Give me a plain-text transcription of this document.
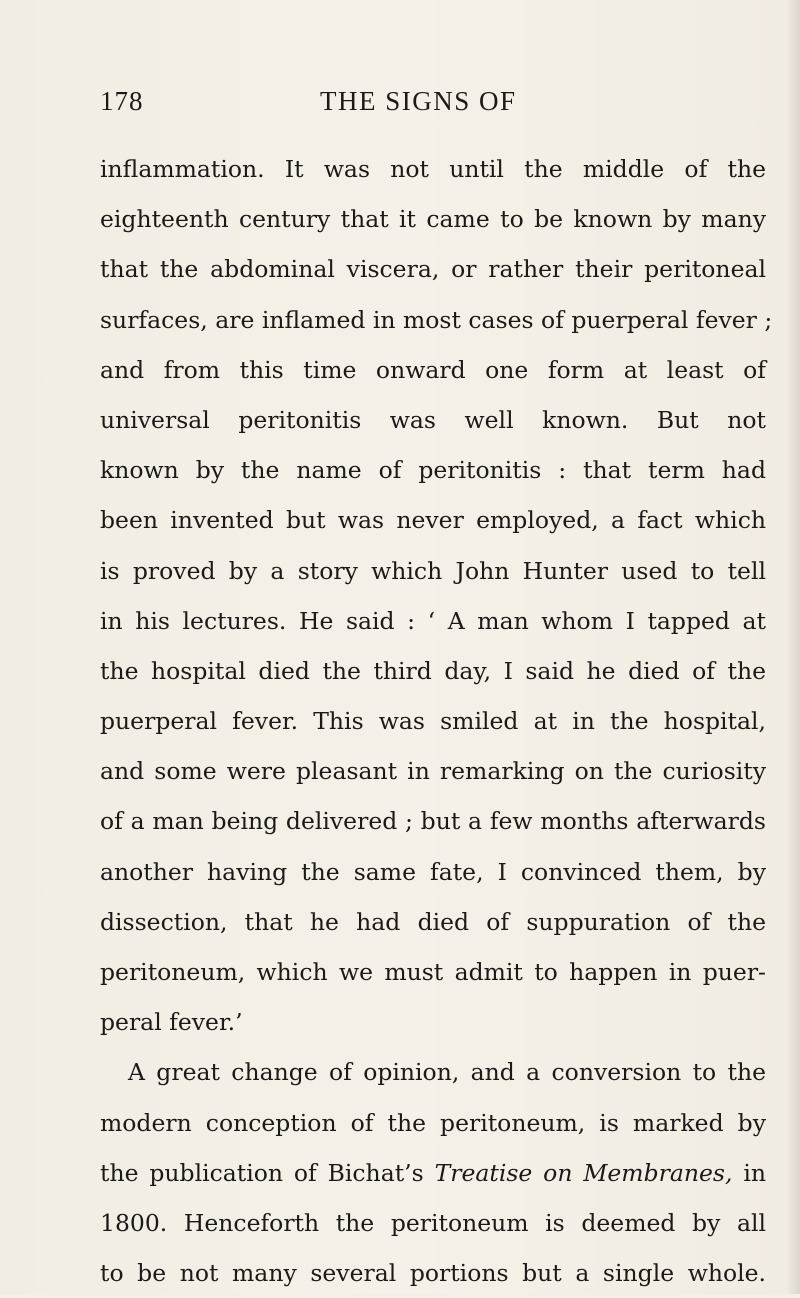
178	THE SIGNS OF
inflammation. It was not until the middle of the
eighteenth century that it came to be known by many
that the abdominal viscera, or rather their peritoneal
surfaces, are inflamed in most cases of puerperal fever ;
and from this time onward one form at least of
universal peritonitis was well known. But not
known by the name of peritonitis : that term had
been invented but was never employed, a fact which
is proved by a story which John Hunter used to tell
in his lectures. He said : ‘ A man whom I tapped at
the hospital died the third day, I said he died of the
puerperal fever. This was smiled at in the hospital,
and some were pleasant in remarking on the curiosity
of a man being delivered ; but a few months afterwards
another having the same fate, I convinced them, by
dissection, that he had died of suppuration of the
peritoneum, which we must admit to happen in puer-
peral fever.’
A great change of opinion, and a conversion to the
modern conception of the peritoneum, is marked by
the publication of Bichat’s Treatise on Membranes, in
1800. Henceforth the peritoneum is deemed by all
to be not many several portions but a single whole.
